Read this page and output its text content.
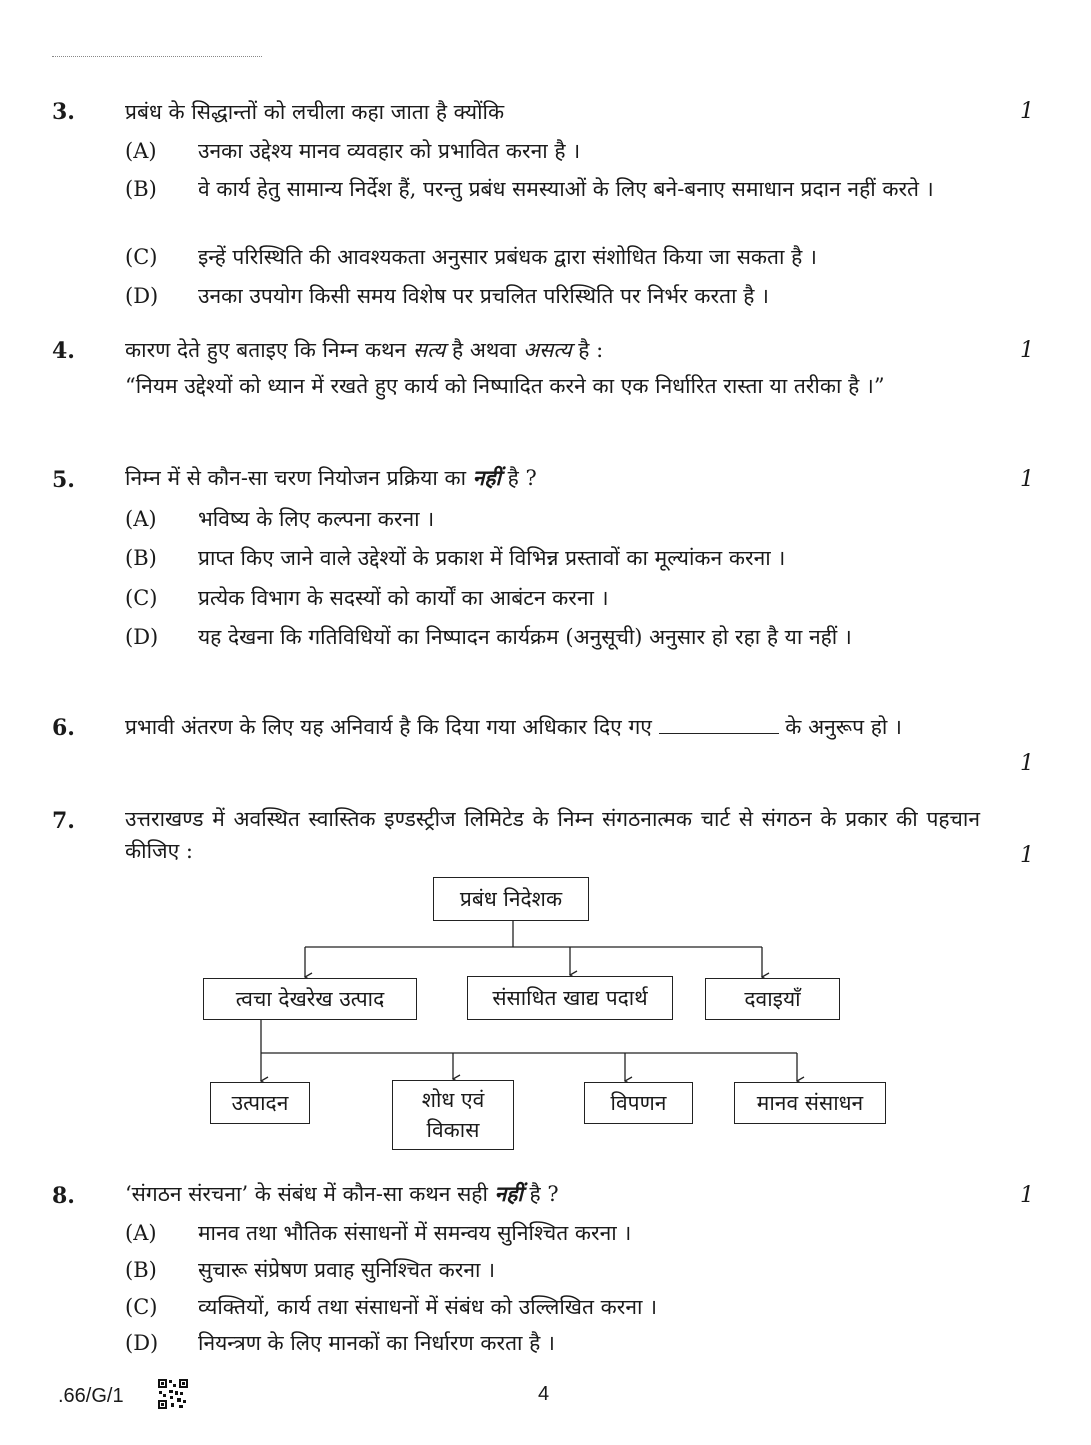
3. प्रबंध के सिद्धान्तों को लचीला कहा जाता है क्योंकि	1
(A)	उनका उद्देश्य मानव व्यवहार को प्रभावित करना है ।
(B)	वे कार्य हेतु सामान्य निर्देश हैं, परन्तु प्रबंध समस्याओं के लिए बने-बनाए समाधान प्रदान नहीं करते ।
(C)	इन्हें परिस्थिति की आवश्यकता अनुसार प्रबंधक द्वारा संशोधित किया जा सकता है ।
(D)	उनका उपयोग किसी समय विशेष पर प्रचलित परिस्थिति पर निर्भर करता है ।
4. कारण देते हुए बताइए कि निम्न कथन सत्य है अथवा असत्य है :
“नियम उद्देश्यों को ध्यान में रखते हुए कार्य को निष्पादित करने का एक निर्धारित रास्ता या तरीका है ।”
1
5. निम्न में से कौन-सा चरण नियोजन प्रक्रिया का नहीं है ?	1
(A)	भविष्य के लिए कल्पना करना ।
(B)	प्राप्त किए जाने वाले उद्देश्यों के प्रकाश में विभिन्न प्रस्तावों का मूल्यांकन करना ।
(C)	प्रत्येक विभाग के सदस्यों को कार्यों का आबंटन करना ।
(D)	यह देखना कि गतिविधियों का निष्पादन कार्यक्रम (अनुसूची) अनुसार हो रहा है या नहीं ।
6. प्रभावी अंतरण के लिए यह अनिवार्य है कि दिया गया अधिकार दिए गए	के अनुरूप हो ।
1
7. उत्तराखण्ड में अवस्थित स्वास्तिक इण्डस्ट्रीज लिमिटेड के निम्न संगठनात्मक चार्ट से संगठन के प्रकार की पहचान कीजिए :	1
प्रबंध निदेशक
त्वचा देखरेख उत्पाद	संसाधित खाद्य पदार्थ	दवाइयाँ
उत्पादन	शोध एवं विकास
विपणन	मानव संसाधन
8. ‘संगठन संरचना’ के संबंध में कौन-सा कथन सही नहीं है ?	1
(A)	मानव तथा भौतिक संसाधनों में समन्वय सुनिश्चित करना ।
(B)	सुचारू संप्रेषण प्रवाह सुनिश्चित करना ।
(C)	व्यक्तियों, कार्य तथा संसाधनों में संबंध को उल्लिखित करना ।
(D)	नियन्त्रण के लिए मानकों का निर्धारण करता है ।
.66/G/1	4
